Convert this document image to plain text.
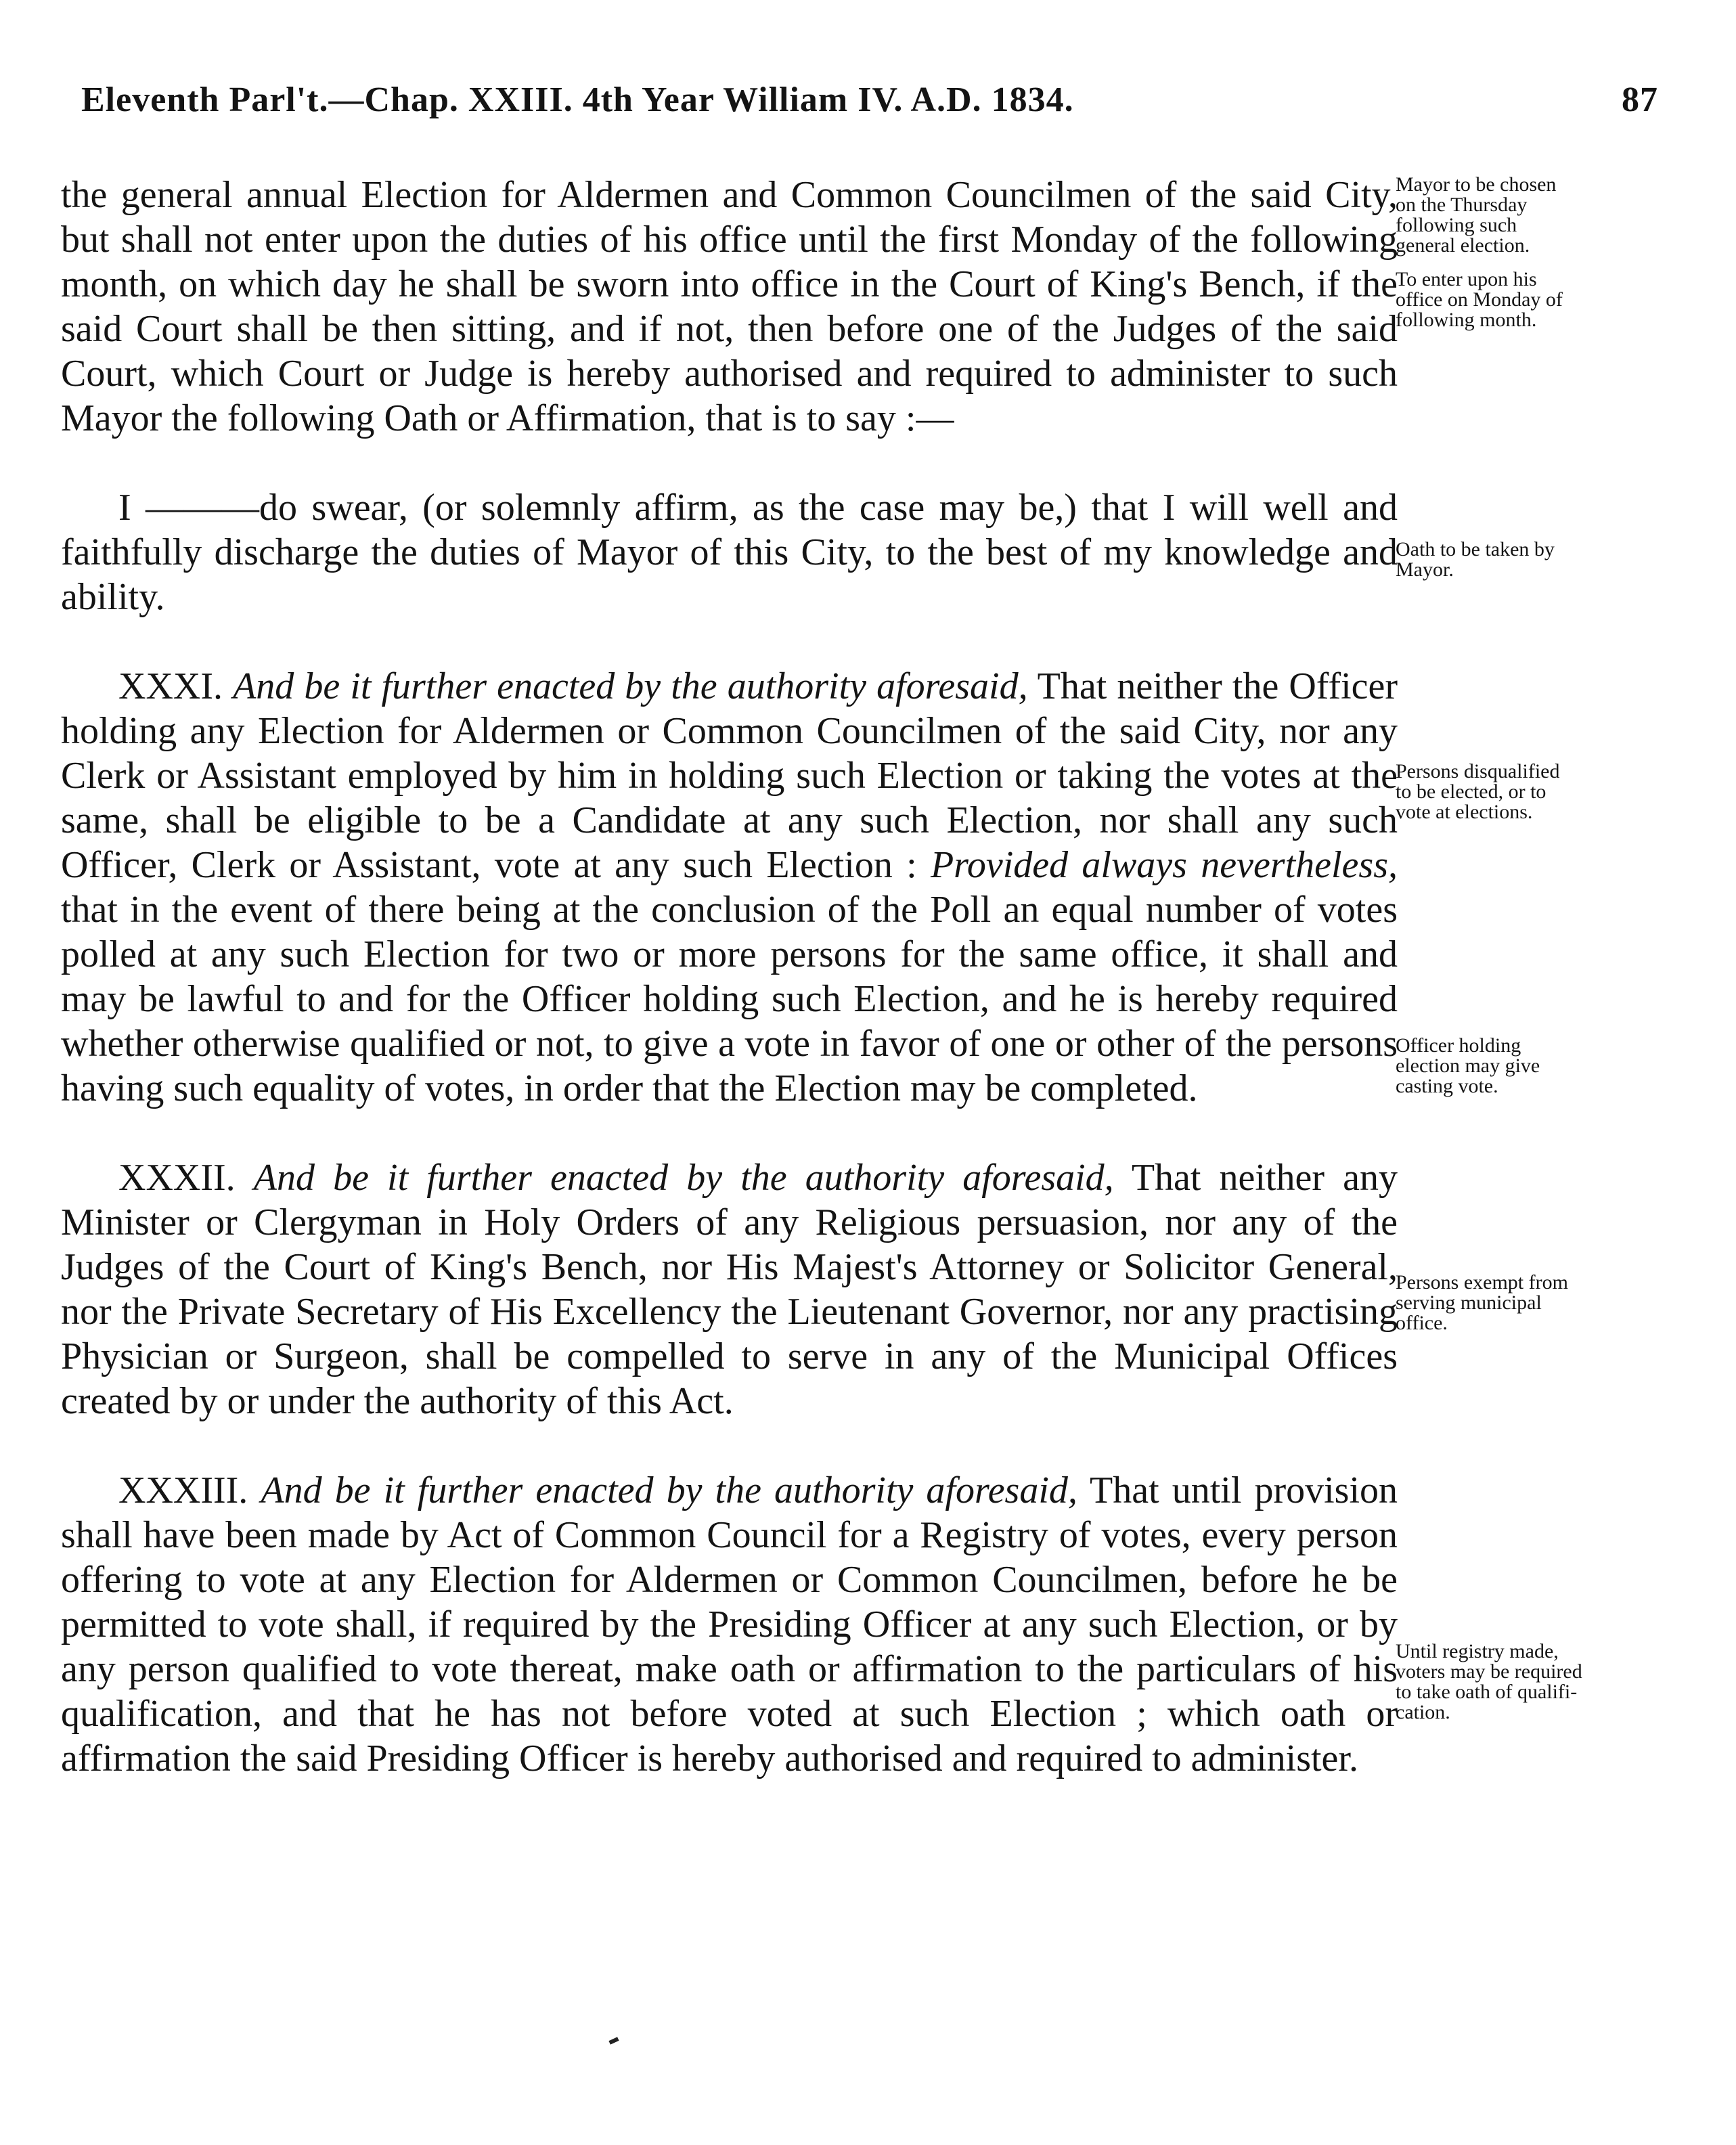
Eleventh Parl't.—Chap. XXIII. 4th Year William IV. A.D. 1834.	87

the general annual Election for Aldermen and Common Councilmen of the said City, but shall not enter upon the duties of his office until the first Monday of the following month, on which day he shall be sworn into office in the Court of King's Bench, if the said Court shall be then sitting, and if not, then before one of the Judges of the said Court, which Court or Judge is hereby authorised and required to administer to such Mayor the following Oath or Affirmation, that is to say :—

I ———do swear, (or solemnly affirm, as the case may be,) that I will well and faithfully discharge the duties of Mayor of this City, to the best of my knowledge and ability.

XXXI. And be it further enacted by the authority aforesaid, That neither the Officer holding any Election for Aldermen or Common Councilmen of the said City, nor any Clerk or Assistant employed by him in holding such Election or taking the votes at the same, shall be eligible to be a Candidate at any such Election, nor shall any such Officer, Clerk or Assistant, vote at any such Election : Provided always nevertheless, that in the event of there being at the conclusion of the Poll an equal number of votes polled at any such Election for two or more persons for the same office, it shall and may be lawful to and for the Officer holding such Election, and he is hereby required whether otherwise qualified or not, to give a vote in favor of one or other of the persons having such equality of votes, in order that the Election may be completed.

XXXII. And be it further enacted by the authority aforesaid, That neither any Minister or Clergyman in Holy Orders of any Religious persuasion, nor any of the Judges of the Court of King's Bench, nor His Majest's Attorney or Solicitor General, nor the Private Secretary of His Excellency the Lieutenant Governor, nor any practising Physician or Surgeon, shall be compelled to serve in any of the Municipal Offices created by or under the authority of this Act.

XXXIII. And be it further enacted by the authority aforesaid, That until provision shall have been made by Act of Common Council for a Registry of votes, every person offering to vote at any Election for Aldermen or Common Councilmen, before he be permitted to vote shall, if required by the Presiding Officer at any such Election, or by any person qualified to vote thereat, make oath or affirmation to the particulars of his qualification, and that he has not before voted at such Election ; which oath or affirmation the said Presiding Officer is hereby authorised and required to administer.

Mayor to be chosen
on the Thursday
following such
general election.
To enter upon his
office on Monday of
following month.
Oath to be taken by
Mayor.
Persons disqualified
to be elected, or to
vote at elections.
Officer holding
election may give
casting vote.
Persons exempt from
serving municipal
office.
Until registry made,
voters may be required
to take oath of qualifi-
cation.
